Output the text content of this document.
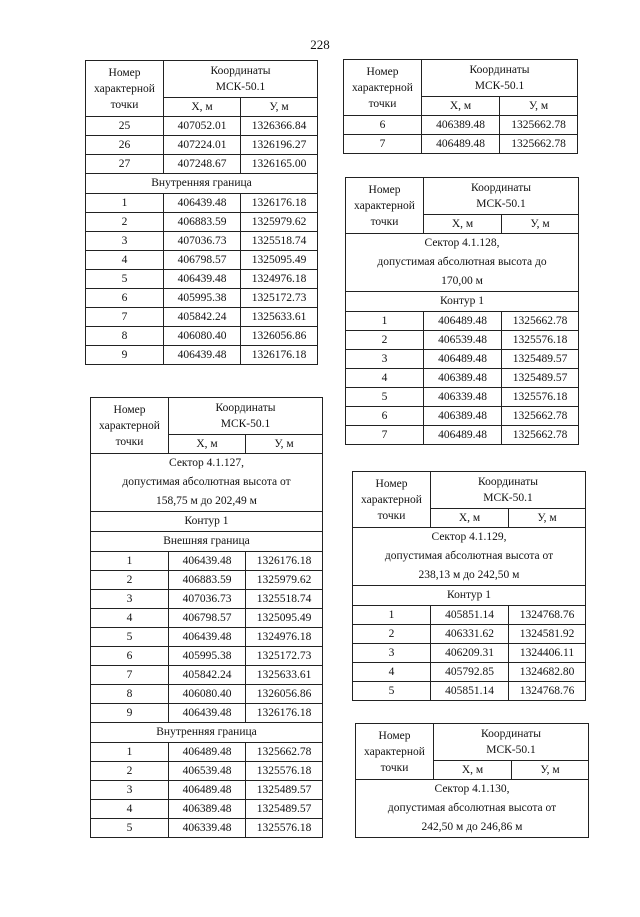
228
Номер
характерной
точки	Координаты
МСК-50.1	
	X, м	У, м
25	407052.01	1326366.84
26	407224.01	1326196.27
27	407248.67	1326165.00
Внутренняя граница		
1	406439.48	1326176.18
2	406883.59	1325979.62
3	407036.73	1325518.74
4	406798.57	1325095.49
5	406439.48	1324976.18
6	405995.38	1325172.73
7	405842.24	1325633.61
8	406080.40	1326056.86
9	406439.48	1326176.18
Номер
характерной
точки	Координаты
МСК-50.1	
	X, м	У, м
Сектор 4.1.127,
допустимая абсолютная высота от
158,75 м до 202,49 м		
Контур 1		
Внешняя граница		
1	406439.48	1326176.18
2	406883.59	1325979.62
3	407036.73	1325518.74
4	406798.57	1325095.49
5	406439.48	1324976.18
6	405995.38	1325172.73
7	405842.24	1325633.61
8	406080.40	1326056.86
9	406439.48	1326176.18
Внутренняя граница		
1	406489.48	1325662.78
2	406539.48	1325576.18
3	406489.48	1325489.57
4	406389.48	1325489.57
5	406339.48	1325576.18
Номер
характерной
точки	Координаты
МСК-50.1	
	X, м	У, м
6	406389.48	1325662.78
7	406489.48	1325662.78
Номер
характерной
точки	Координаты
МСК-50.1	
	X, м	У, м
Сектор 4.1.128,
допустимая абсолютная высота до
170,00 м		
Контур 1		
1	406489.48	1325662.78
2	406539.48	1325576.18
3	406489.48	1325489.57
4	406389.48	1325489.57
5	406339.48	1325576.18
6	406389.48	1325662.78
7	406489.48	1325662.78
Номер
характерной
точки	Координаты
МСК-50.1	
	X, м	У, м
Сектор 4.1.129,
допустимая абсолютная высота от
238,13 м до 242,50 м		
Контур 1		
1	405851.14	1324768.76
2	406331.62	1324581.92
3	406209.31	1324406.11
4	405792.85	1324682.80
5	405851.14	1324768.76
Номер
характерной
точки	Координаты
МСК-50.1	
	X, м	У, м
Сектор 4.1.130,
допустимая абсолютная высота от
242,50 м до 246,86 м		
